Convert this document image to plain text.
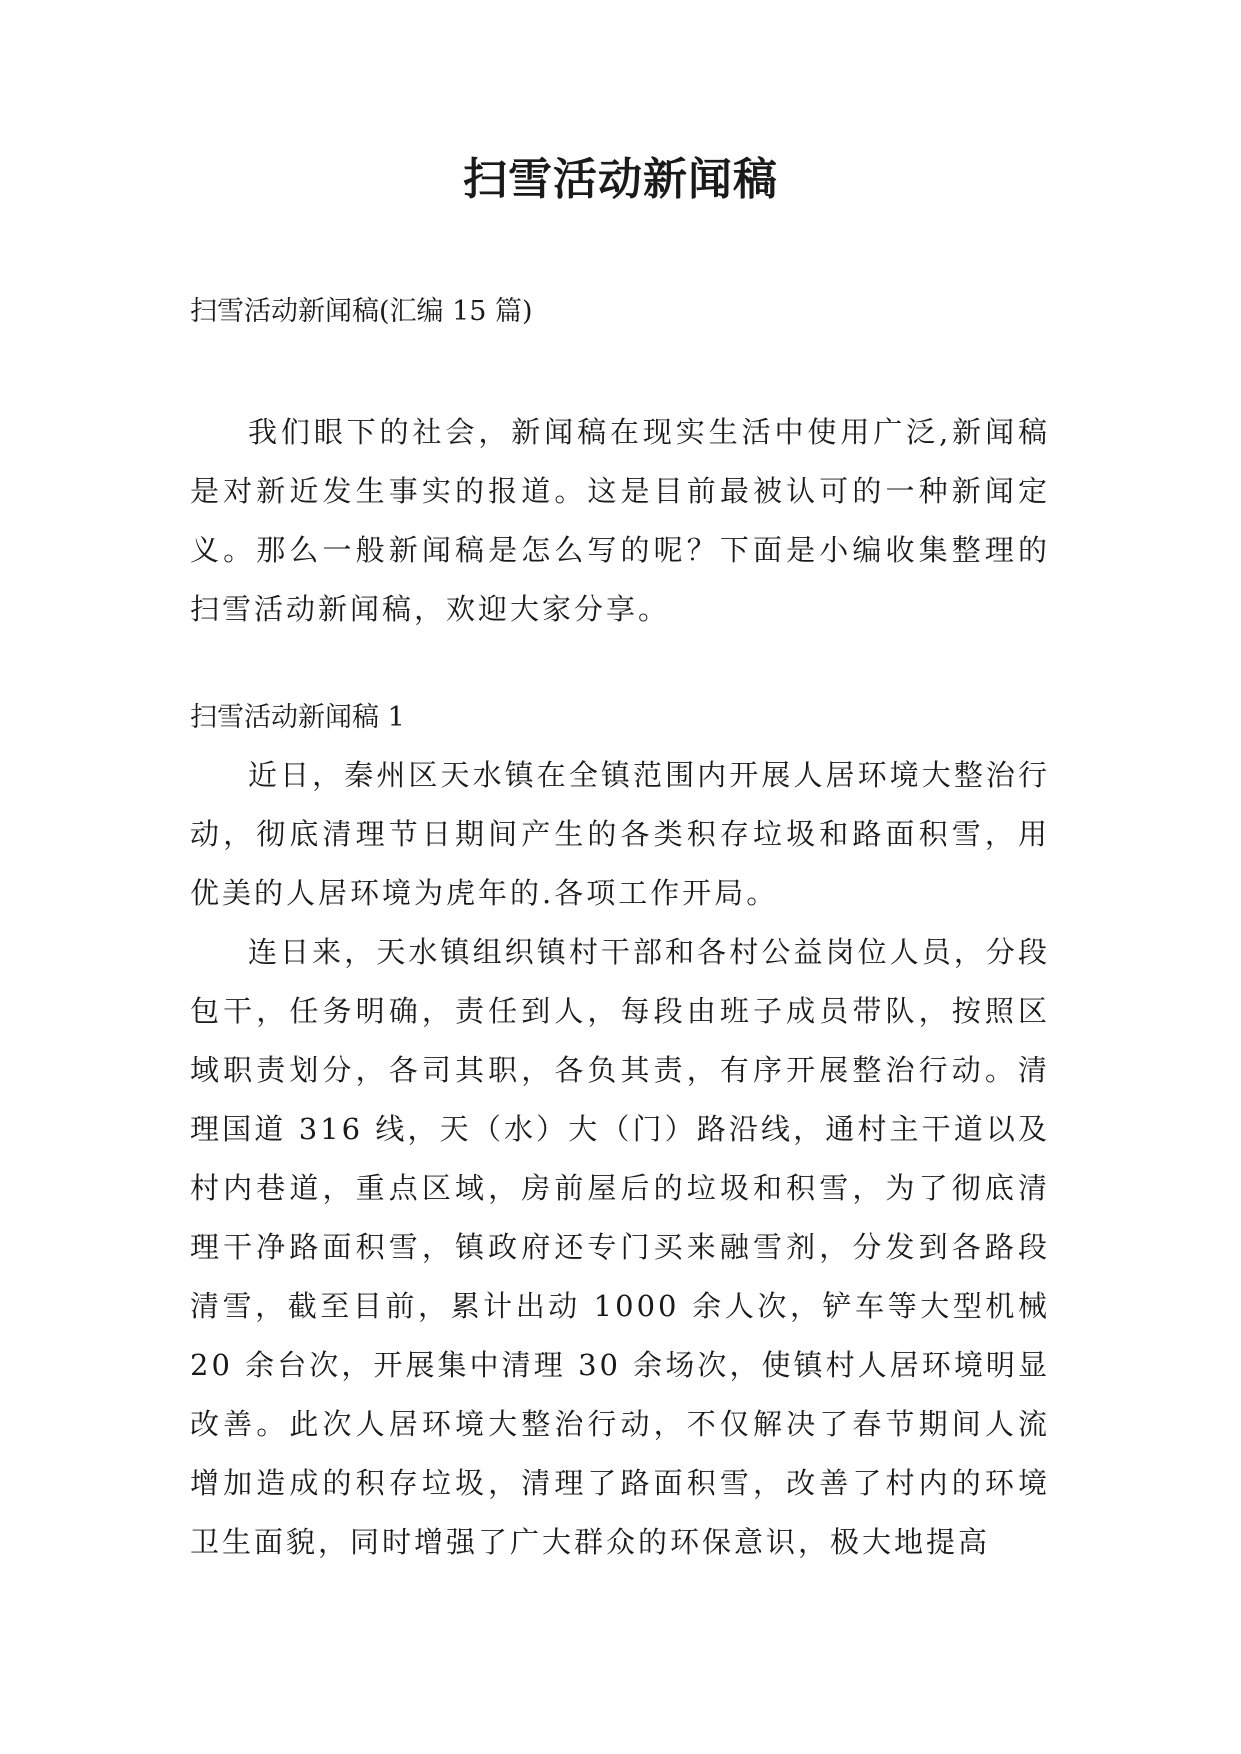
扫雪活动新闻稿

扫雪活动新闻稿(汇编 15 篇)

我们眼下的社会，新闻稿在现实生活中使用广泛,新闻稿是对新近发生事实的报道。这是目前最被认可的一种新闻定义。那么一般新闻稿是怎么写的呢？下面是小编收集整理的扫雪活动新闻稿，欢迎大家分享。

扫雪活动新闻稿 1

近日，秦州区天水镇在全镇范围内开展人居环境大整治行动，彻底清理节日期间产生的各类积存垃圾和路面积雪，用优美的人居环境为虎年的.各项工作开局。

连日来，天水镇组织镇村干部和各村公益岗位人员，分段包干，任务明确，责任到人，每段由班子成员带队，按照区域职责划分，各司其职，各负其责，有序开展整治行动。清理国道 316 线，天（水）大（门）路沿线，通村主干道以及村内巷道，重点区域，房前屋后的垃圾和积雪，为了彻底清理干净路面积雪，镇政府还专门买来融雪剂，分发到各路段清雪，截至目前，累计出动 1000 余人次，铲车等大型机械 20 余台次，开展集中清理 30 余场次，使镇村人居环境明显改善。此次人居环境大整治行动，不仅解决了春节期间人流增加造成的积存垃圾，清理了路面积雪，改善了村内的环境卫生面貌，同时增强了广大群众的环保意识，极大地提高
